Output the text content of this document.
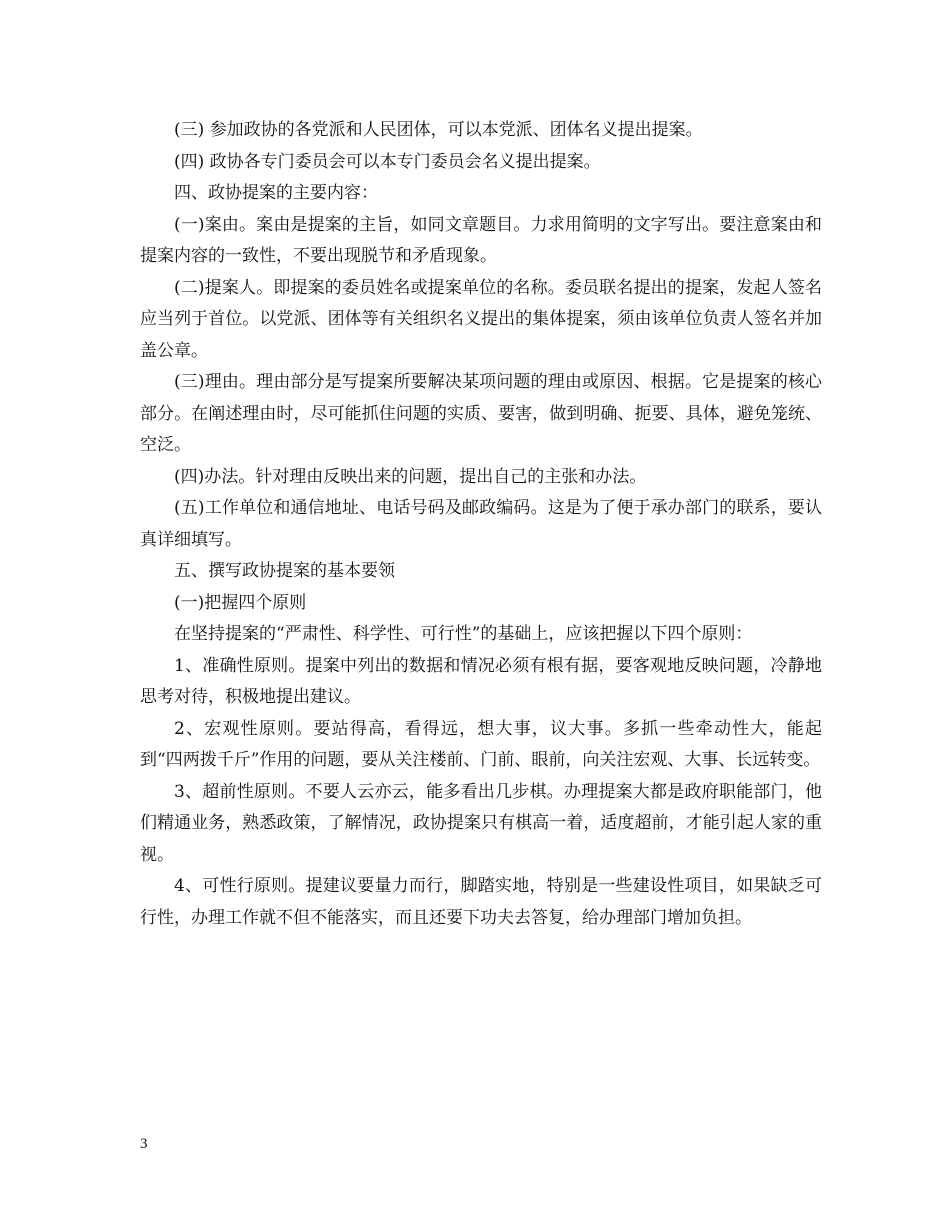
(三) 参加政协的各党派和人民团体，可以本党派、团体名义提出提案。

(四) 政协各专门委员会可以本专门委员会名义提出提案。

四、政协提案的主要内容：

(一)案由。案由是提案的主旨，如同文章题目。力求用简明的文字写出。要注意案由和提案内容的一致性，不要出现脱节和矛盾现象。

(二)提案人。即提案的委员姓名或提案单位的名称。委员联名提出的提案，发起人签名应当列于首位。以党派、团体等有关组织名义提出的集体提案，须由该单位负责人签名并加盖公章。

(三)理由。理由部分是写提案所要解决某项问题的理由或原因、根据。它是提案的核心部分。在阐述理由时，尽可能抓住问题的实质、要害，做到明确、扼要、具体，避免笼统、空泛。

(四)办法。针对理由反映出来的问题，提出自己的主张和办法。

(五)工作单位和通信地址、电话号码及邮政编码。这是为了便于承办部门的联系，要认真详细填写。

五、撰写政协提案的基本要领

(一)把握四个原则

在坚持提案的“严肃性、科学性、可行性”的基础上，应该把握以下四个原则：

1、准确性原则。提案中列出的数据和情况必须有根有据，要客观地反映问题，冷静地思考对待，积极地提出建议。

2、宏观性原则。要站得高，看得远，想大事，议大事。多抓一些牵动性大，能起到“四两拨千斤”作用的问题，要从关注楼前、门前、眼前，向关注宏观、大事、长远转变。

3、超前性原则。不要人云亦云，能多看出几步棋。办理提案大都是政府职能部门，他们精通业务，熟悉政策，了解情况，政协提案只有棋高一着，适度超前，才能引起人家的重视。

4、可性行原则。提建议要量力而行，脚踏实地，特别是一些建设性项目，如果缺乏可行性，办理工作就不但不能落实，而且还要下功夫去答复，给办理部门增加负担。

3
